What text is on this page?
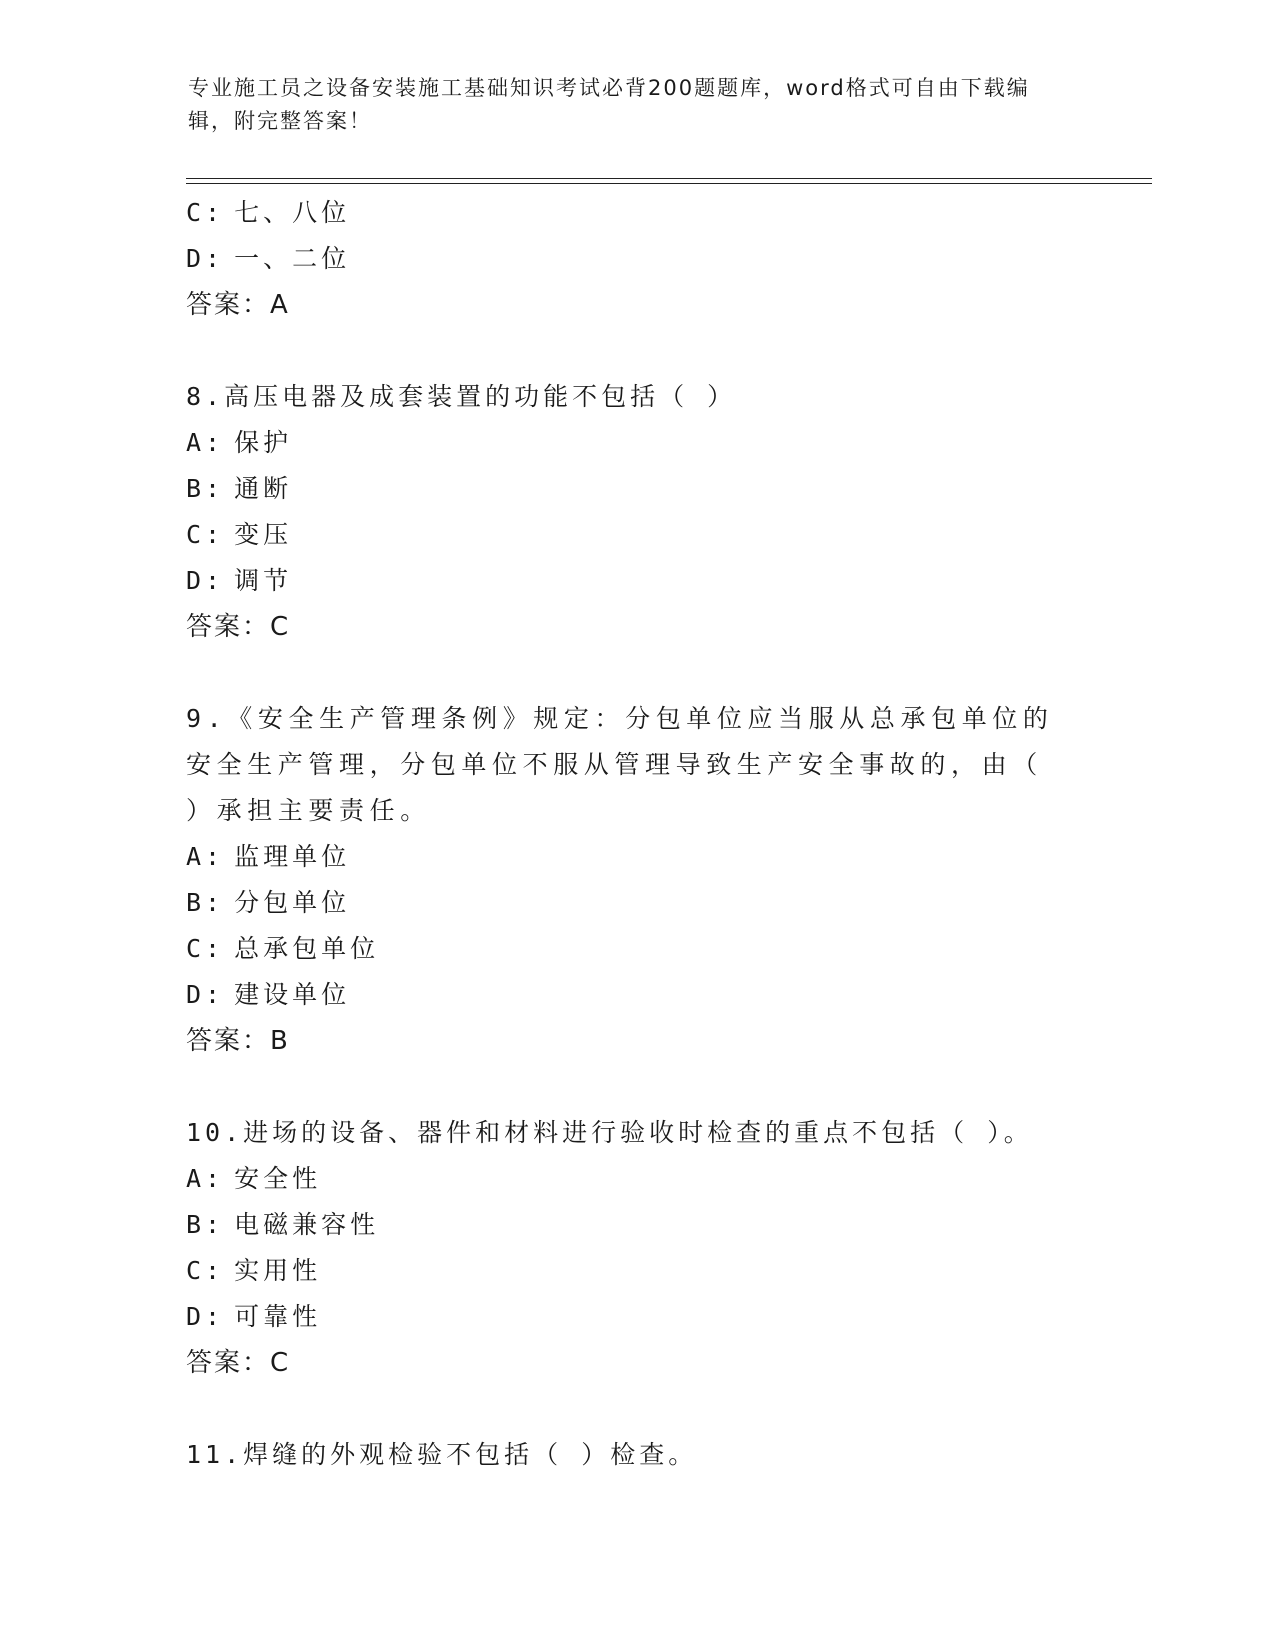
专业施工员之设备安装施工基础知识考试必背200题题库，word格式可自由下载编辑，附完整答案！
C: 七、八位
D: 一、二位
答案：A
8.高压电器及成套装置的功能不包括（ ）
A: 保护
B: 通断
C: 变压
D: 调节
答案：C
9.《安全生产管理条例》规定：分包单位应当服从总承包单位的安全生产管理，分包单位不服从管理导致生产安全事故的，由（ ）承担主要责任。
A: 监理单位
B: 分包单位
C: 总承包单位
D: 建设单位
答案：B
10.进场的设备、器件和材料进行验收时检查的重点不包括（ ）。
A: 安全性
B: 电磁兼容性
C: 实用性
D: 可靠性
答案：C
11.焊缝的外观检验不包括（ ）检查。
